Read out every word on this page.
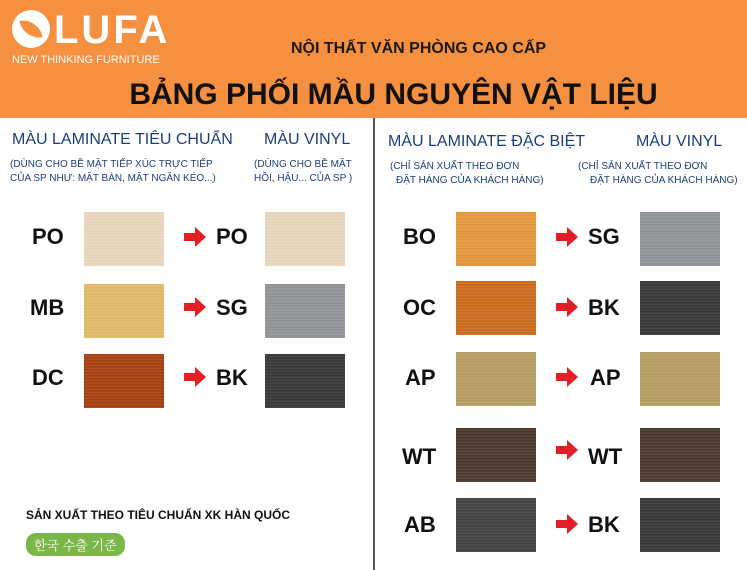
LUFA
NEW THINKING FURNITURE
NỘI THẤT VĂN PHÒNG CAO CẤP
BẢNG PHỐI MẦU NGUYÊN VẬT LIỆU
MÀU LAMINATE TIÊU CHUẨN
(DÙNG CHO BỀ MẶT TIẾP XÚC TRỰC TIẾP
CỦA SP NHƯ: MẶT BÀN, MẶT NGĂN KÉO...)
MÀU VINYL
(DÙNG CHO BỀ MẶT
HỒI, HẬU... CỦA SP )
MÀU LAMINATE ĐẶC BIỆT
(CHỈ SẢN XUẤT THEO ĐƠN
ĐẶT HÀNG CỦA KHÁCH HÀNG)
MÀU VINYL
(CHỈ SẢN XUẤT THEO ĐƠN
ĐẶT HÀNG CỦA KHÁCH HÀNG)
PO	PO
MB	SG
DC	BK
BO	SG
OC	BK
AP	AP
WT	WT
AB	BK
SẢN XUẤT THEO TIÊU CHUẨN XK HÀN QUỐC
한국 수출 기준
